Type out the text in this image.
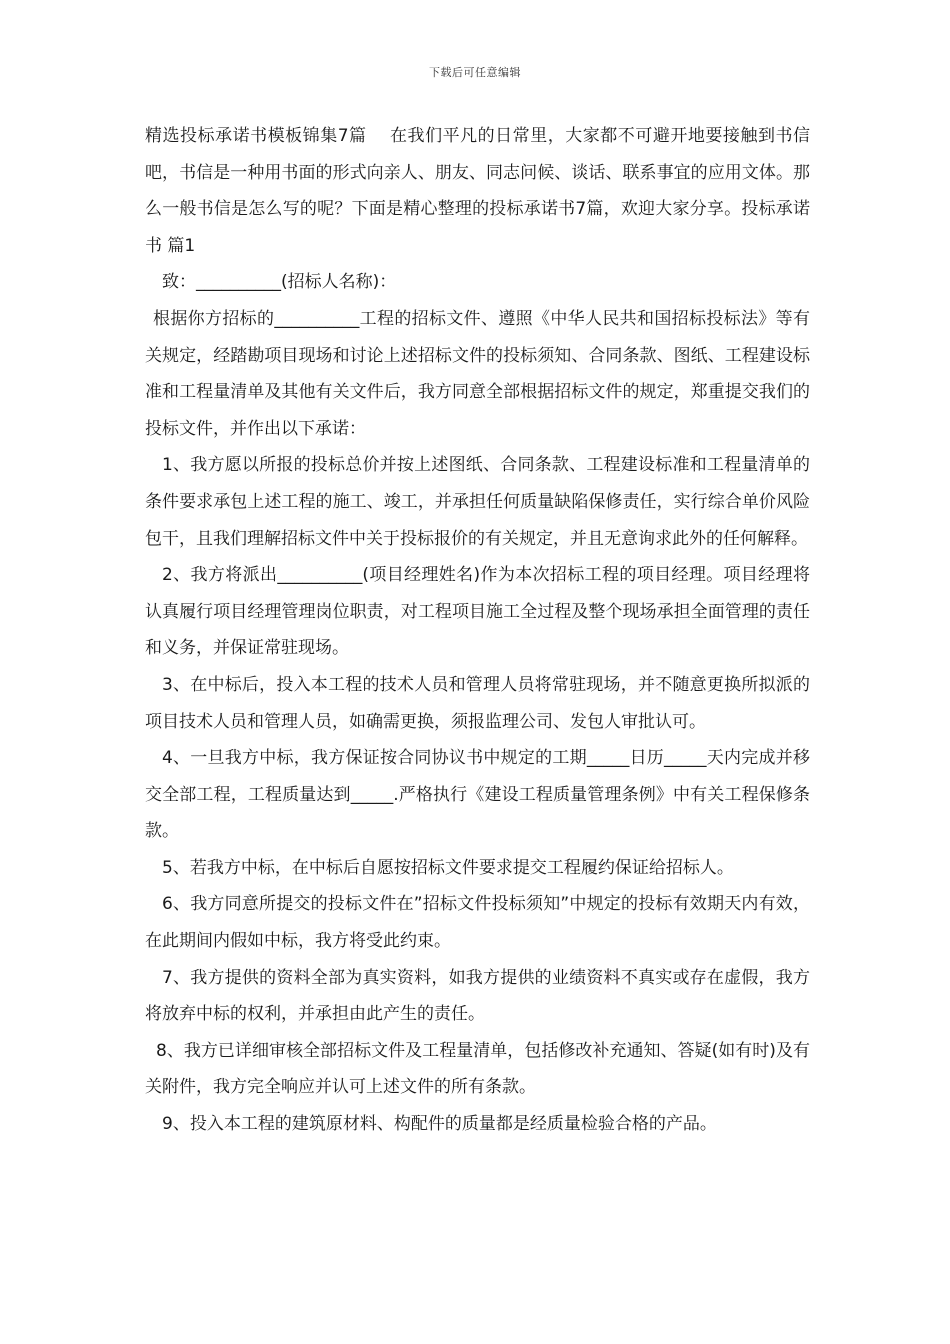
下载后可任意编辑

精选投标承诺书模板锦集7篇　 在我们平凡的日常里，大家都不可避开地要接触到书信吧，书信是一种用书面的形式向亲人、朋友、同志问候、谈话、联系事宜的应用文体。那么一般书信是怎么写的呢？下面是精心整理的投标承诺书7篇，欢迎大家分享。投标承诺书 篇1

致：__________(招标人名称)：

根据你方招标的__________工程的招标文件、遵照《中华人民共和国招标投标法》等有关规定，经踏勘项目现场和讨论上述招标文件的投标须知、合同条款、图纸、工程建设标准和工程量清单及其他有关文件后，我方同意全部根据招标文件的规定，郑重提交我们的投标文件，并作出以下承诺：

1、我方愿以所报的投标总价并按上述图纸、合同条款、工程建设标准和工程量清单的条件要求承包上述工程的施工、竣工，并承担任何质量缺陷保修责任，实行综合单价风险包干，且我们理解招标文件中关于投标报价的有关规定，并且无意询求此外的任何解释。

2、我方将派出__________(项目经理姓名)作为本次招标工程的项目经理。项目经理将认真履行项目经理管理岗位职责，对工程项目施工全过程及整个现场承担全面管理的责任和义务，并保证常驻现场。

3、在中标后，投入本工程的技术人员和管理人员将常驻现场，并不随意更换所拟派的项目技术人员和管理人员，如确需更换，须报监理公司、发包人审批认可。

4、一旦我方中标，我方保证按合同协议书中规定的工期_____日历_____天内完成并移交全部工程，工程质量达到_____.严格执行《建设工程质量管理条例》中有关工程保修条款。

5、若我方中标，在中标后自愿按招标文件要求提交工程履约保证给招标人。

6、我方同意所提交的投标文件在”招标文件投标须知”中规定的投标有效期天内有效，在此期间内假如中标，我方将受此约束。

7、我方提供的资料全部为真实资料，如我方提供的业绩资料不真实或存在虚假，我方将放弃中标的权利，并承担由此产生的责任。

8、我方已详细审核全部招标文件及工程量清单，包括修改补充通知、答疑(如有时)及有关附件，我方完全响应并认可上述文件的所有条款。

9、投入本工程的建筑原材料、构配件的质量都是经质量检验合格的产品。
